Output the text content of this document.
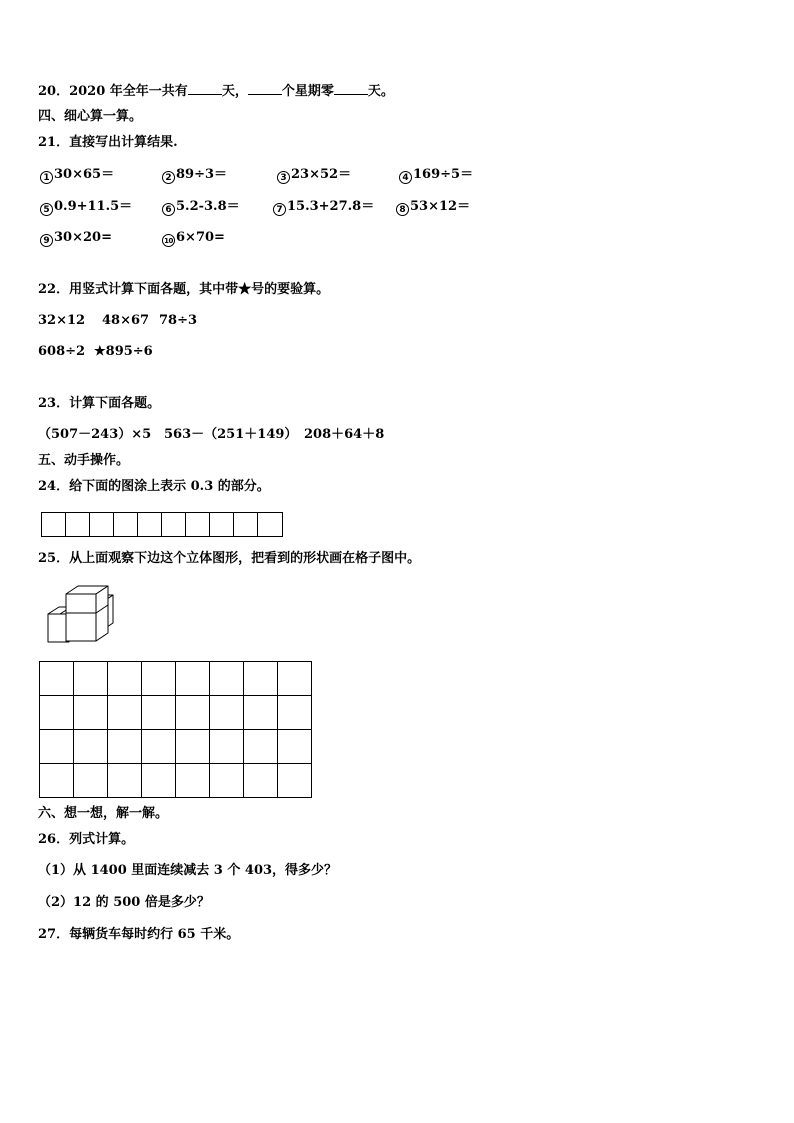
20．2020 年全年一共有	天，	个星期零	天。
四、细心算一算。
21．直接写出计算结果.
1 30×65＝	2 89÷3＝	3 23×52＝	4 169÷5＝
5 0.9+11.5＝	6 5.2-3.8＝	7 15.3+27.8＝	8 53×12＝
9 30×20=	10 6×70=
22．用竖式计算下面各题，其中带★号的要验算。
32×12 48×67 78÷3
608÷2 ★895÷6
23．计算下面各题。
（507－243）×5 563－（251＋149） 208＋64＋8
五、动手操作。
24．给下面的图涂上表示 0.3 的部分。
25．从上面观察下边这个立体图形，把看到的形状画在格子图中。
六、想一想，解一解。
26．列式计算。
（1）从 1400 里面连续减去 3 个 403，得多少？
（2）12 的 500 倍是多少？
27．每辆货车每时约行 65 千米。
